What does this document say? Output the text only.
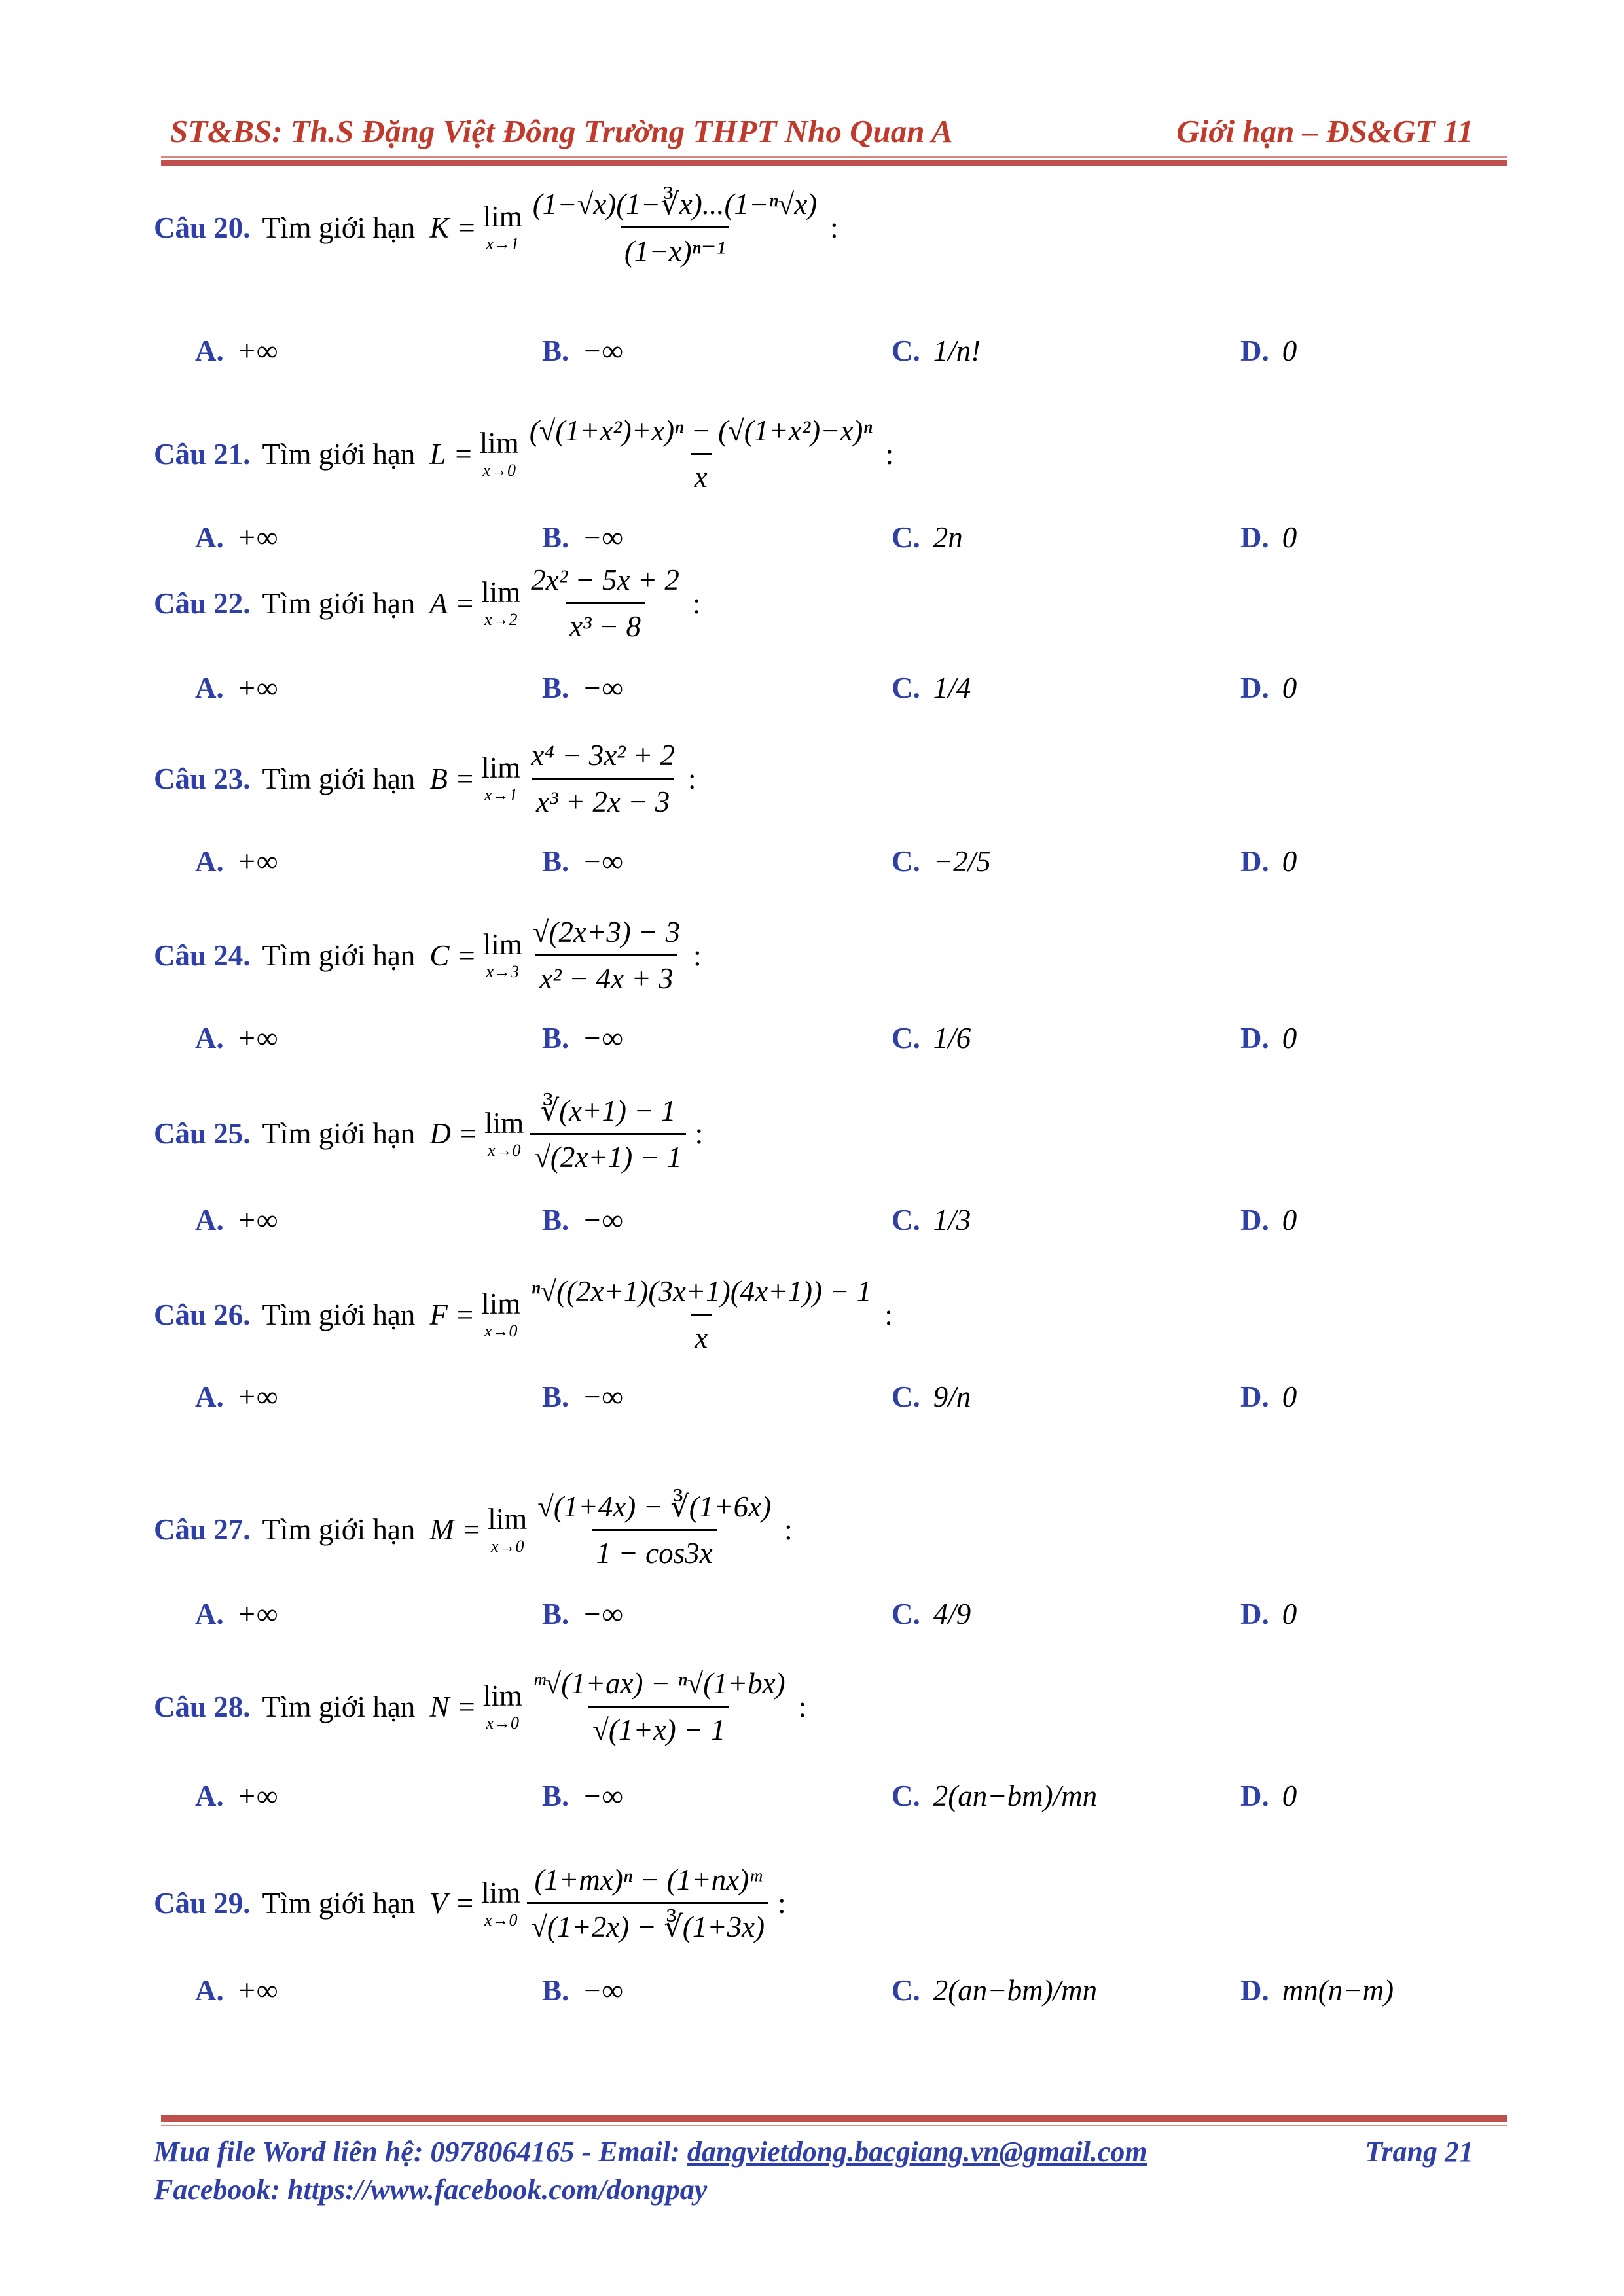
ST&BS: Th.S Đặng Việt Đông Trường THPT Nho Quan A	Giới hạn – ĐS&GT 11
Câu 20. Tìm giới hạn K = lim
$x\to 1 \frac{\text{(1−√x)(1−∛x)...(1−ⁿ√x)}}{\text{(1−x)ⁿ⁻¹}}$ :
A. +∞	B. −∞	C. 1/n!	D. 0
Câu 21. Tìm giới hạn L = lim
$x\to 0 \frac{\text{(√(1+x²)+x)ⁿ − (√(1+x²)−x)ⁿ}}{x}$ :
A. +∞	B. −∞	C. 2n	D. 0
Câu 22. Tìm giới hạn A = lim
$x\to 2 \frac{\text{2x² − 5x + 2}}{\text{x³ − 8}}$ :
A. +∞	B. −∞	C. 1/4	D. 0
Câu 23. Tìm giới hạn B = lim
$x\to 1 \frac{\text{x⁴ − 3x² + 2}}{\text{x³ + 2x − 3}}$ :
A. +∞	B. −∞	C. −2/5	D. 0
Câu 24. Tìm giới hạn C = lim
$x\to 3 \frac{√(2x+3) - 3}{\text{x² − 4x + 3}}$ :
A. +∞	B. −∞	C. 1/6	D. 0
Câu 25. Tìm giới hạn D = lim
$x\to 0 \frac{∛(x+1) - 1}{√(2x+1) - 1}$ :
A. +∞	B. −∞	C. 1/3	D. 0
Câu 26. Tìm giới hạn F = lim
$x\to 0 \frac{\text{ⁿ√((2x+1)(3x+1)(4x+1)) − 1}}{x}$ :
A. +∞	B. −∞	C. 9/n	D. 0
Câu 27. Tìm giới hạn M = lim
$x\to 0 \frac{√(1+4x) - ∛(1+6x)}{1 - \cos 3x}$ :
A. +∞	B. −∞	C. 4/9	D. 0
Câu 28. Tìm giới hạn N = lim
$x\to 0 \frac{\text{ᵐ√(1+ax) − ⁿ√(1+bx)}}{√(1+x) - 1}$ :
A. +∞	B. −∞	C. 2(an−bm)/mn	D. 0
Câu 29. Tìm giới hạn V = lim
$x\to 0 \frac{\text{(1+mx)ⁿ − (1+nx)ᵐ}}{√(1+2x) - ∛(1+3x)}$ :
A. +∞	B. −∞	C. 2(an−bm)/mn	D. mn(n−m)
Mua file Word liên hệ: 0978064165 - Email: dangvietdong.bacgiang.vn@gmail.com	Trang 21
Facebook: https://www.facebook.com/dongpay
